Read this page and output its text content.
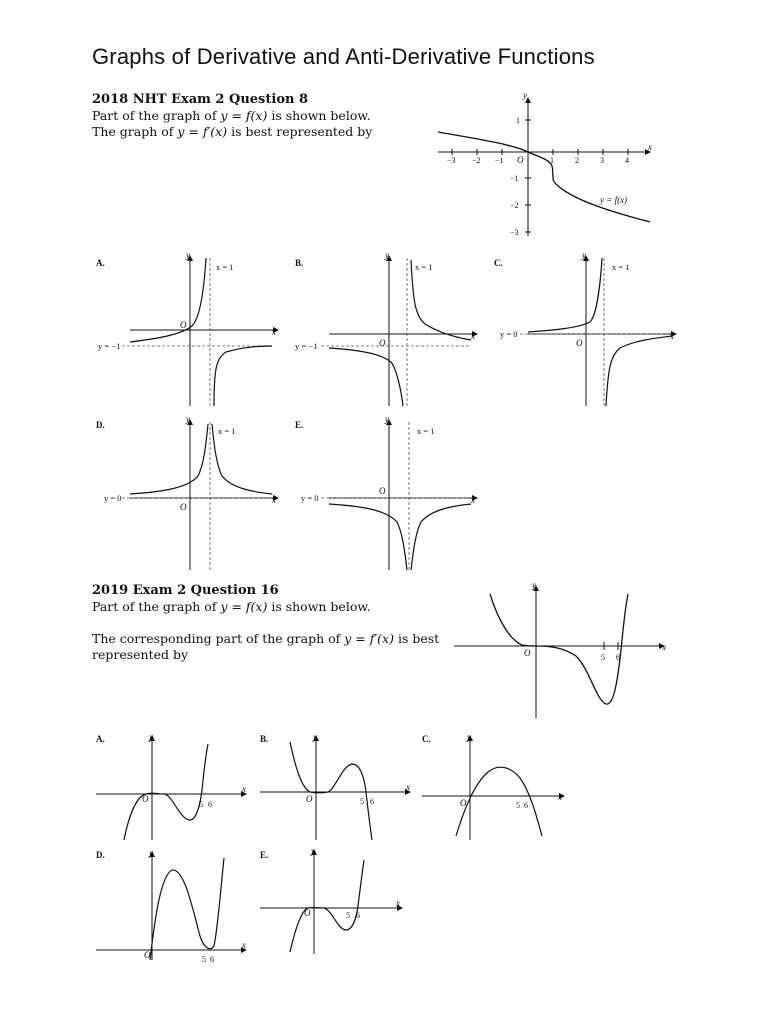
Graphs of Derivative and Anti-Derivative Functions
2018 NHT Exam 2 Question 8
Part of the graph of y = f(x) is shown below.
The graph of y = f′(x) is best represented by
−3 −2 −1	1	2	3	4
1
−1
−2
−3
O
x
y
y = f(x)
A.
y
x
x = 1
y = −1
O
B.
y
x
x = 1
y = −1	O
C.
y
x
x = 1
y = 0
O
D.
y
x
x = 1
y = 0
O
E.
y
x
x = 1
y = 0
O
2019 Exam 2 Question 16
Part of the graph of y = f(x) is shown below.
The corresponding part of the graph of y = f′(x) is best
represented by
y
x
O	5 6
A.	y
x
O
5 6
B.	y
x
O	5 6
C.	y
x
O	5 6
D.	y
x
O	5 6
E.	y
x
O	5 6
